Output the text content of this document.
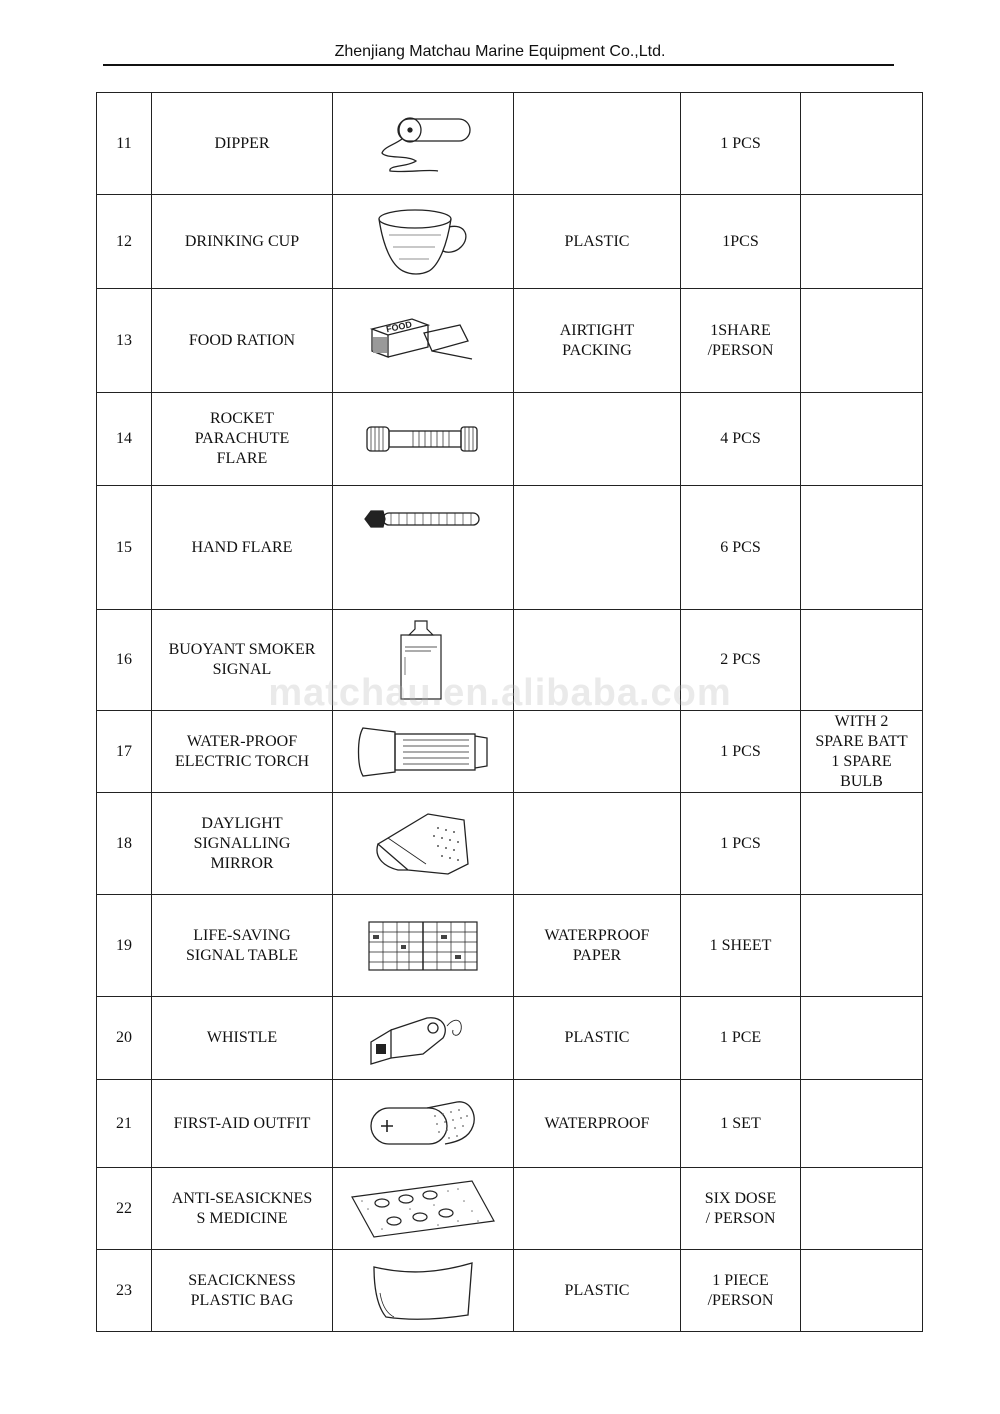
Zhenjiang Matchau Marine Equipment Co.,Ltd.
11	DIPPER			1 PCS	
12	DRINKING CUP		PLASTIC	1PCS	
13	FOOD RATION	FOOD	AIRTIGHT
PACKING	1SHARE
/PERSON	
14	ROCKET
PARACHUTE
FLARE			4 PCS	
15	HAND FLARE			6 PCS	
16	BUOYANT SMOKER
SIGNAL			2 PCS	
17	WATER-PROOF
ELECTRIC TORCH			1 PCS	WITH 2
SPARE BATT
1 SPARE
BULB
18	DAYLIGHT
SIGNALLING
MIRROR			1 PCS	
19	LIFE-SAVING
SIGNAL TABLE		WATERPROOF
PAPER	1 SHEET	
20	WHISTLE		PLASTIC	1 PCE	
21	FIRST-AID OUTFIT		WATERPROOF	1 SET	
22	ANTI-SEASICKNES
S MEDICINE			SIX DOSE
/ PERSON	
23	SEACICKNESS
PLASTIC BAG		PLASTIC	1 PIECE
/PERSON	
matchau.en.alibaba.com
